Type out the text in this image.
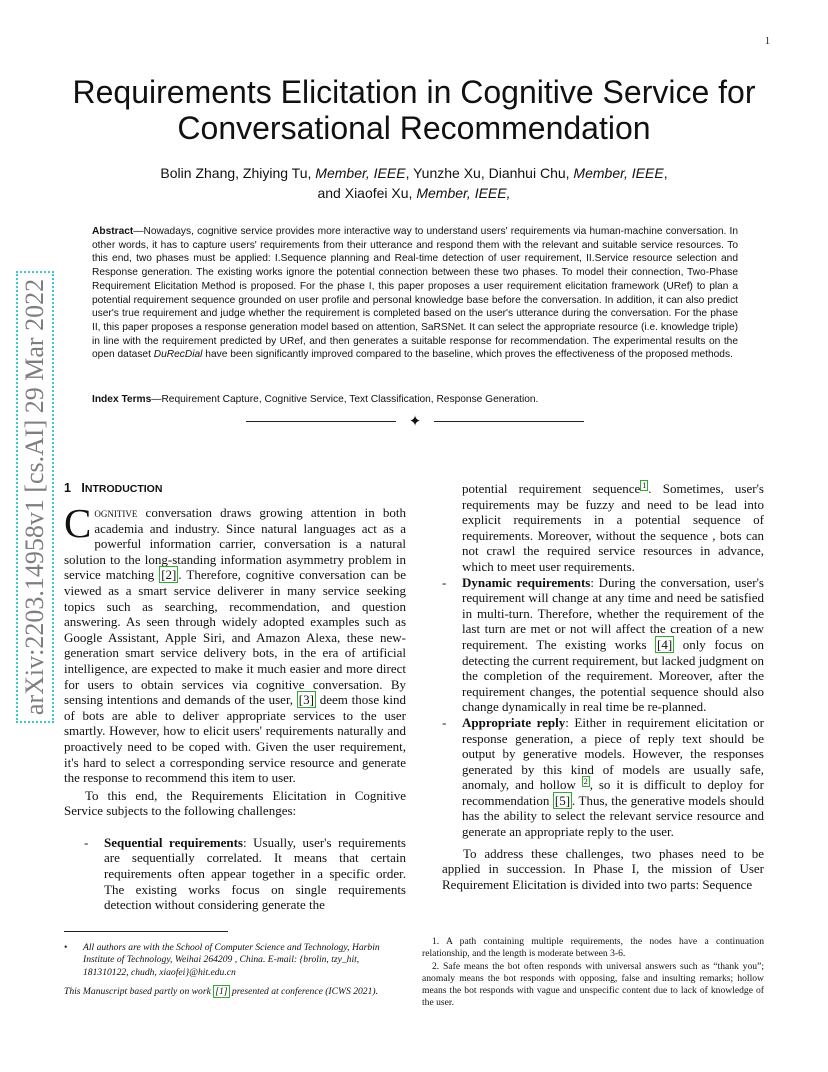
1
Requirements Elicitation in Cognitive Service for Conversational Recommendation
Bolin Zhang, Zhiying Tu, Member, IEEE, Yunzhe Xu, Dianhui Chu, Member, IEEE,
and Xiaofei Xu, Member, IEEE,
Abstract—Nowadays, cognitive service provides more interactive way to understand users' requirements via human-machine conversation. In other words, it has to capture users' requirements from their utterance and respond them with the relevant and suitable service resources. To this end, two phases must be applied: I.Sequence planning and Real-time detection of user requirement, II.Service resource selection and Response generation. The existing works ignore the potential connection between these two phases. To model their connection, Two-Phase Requirement Elicitation Method is proposed. For the phase I, this paper proposes a user requirement elicitation framework (URef) to plan a potential requirement sequence grounded on user profile and personal knowledge base before the conversation. In addition, it can also predict user's true requirement and judge whether the requirement is completed based on the user's utterance during the conversation. For the phase II, this paper proposes a response generation model based on attention, SaRSNet. It can select the appropriate resource (i.e. knowledge triple) in line with the requirement predicted by URef, and then generates a suitable response for recommendation. The experimental results on the open dataset DuRecDial have been significantly improved compared to the baseline, which proves the effectiveness of the proposed methods.
Index Terms—Requirement Capture, Cognitive Service, Text Classification, Response Generation.
✦
arXiv:2203.14958v1 [cs.AI] 29 Mar 2022 1 INTRODUCTION

Cognitive conversation draws growing attention in both academia and industry. Since natural languages act as a powerful information carrier, conversation is a natural solution to the long-standing information asymmetry problem in service matching [2] . Therefore, cognitive conversation can be viewed as a smart service deliverer in many service seeking topics such as searching, recommendation, and question answering. As seen through widely adopted examples such as Google Assistant, Apple Siri, and Amazon Alexa, these new-generation smart service delivery bots, in the era of artificial intelligence, are expected to make it much easier and more direct for users to obtain services via cognitive conversation. By sensing intentions and demands of the user, [3] deem those kind of bots are able to deliver appropriate services to the user smartly. However, how to elicit users' requirements naturally and proactively need to be coped with. Given the user requirement, it's hard to select a corresponding service resource and generate the response to recommend this item to user.

To this end, the Requirements Elicitation in Cognitive Service subjects to the following challenges:

- Sequential requirements: Usually, user's requirements are sequentially correlated. It means that certain requirements often appear together in a specific order. The existing works focus on single requirements detection without considering generate the
potential requirement sequence $^1$ . Sometimes, user's requirements may be fuzzy and need to be lead into explicit requirements in a potential sequence of requirements. Moreover, without the sequence , bots can not crawl the required service resources in advance, which to meet user requirements.
- Dynamic requirements: During the conversation, user's requirement will change at any time and need be satisfied in multi-turn. Therefore, whether the requirement of the last turn are met or not will affect the creation of a new requirement. The existing works [4] only focus on detecting the current requirement, but lacked judgment on the completion of the requirement. Moreover, after the requirement changes, the potential sequence should also change dynamically in real time be re-planned.
- Appropriate reply: Either in requirement elicitation or response generation, a piece of reply text should be output by generative models. However, the responses generated by this kind of models are usually safe, anomaly, and hollow $^2$ , so it is difficult to deploy for recommendation [5] . Thus, the generative models should has the ability to select the relevant service resource and generate an appropriate reply to the user.

To address these challenges, two phases need to be applied in succession. In Phase I, the mission of User Requirement Elicitation is divided into two parts: Sequence

•	All authors are with the School of Computer Science and Technology, Harbin Institute of Technology, Weihai 264209 , China. E-mail: {brolin, tzy_hit, 181310122, chudh, xiaofei}@hit.edu.cn
This Manuscript based partly on work [1] presented at conference (ICWS 2021).

1. A path containing multiple requirements, the nodes have a continuation relationship, and the length is moderate between 3-6.

2. Safe means the bot often responds with universal answers such as “thank you”; anomaly means the bot responds with opposing, false and insulting remarks; hollow means the bot responds with vague and unspecific content due to lack of knowledge of the user.
